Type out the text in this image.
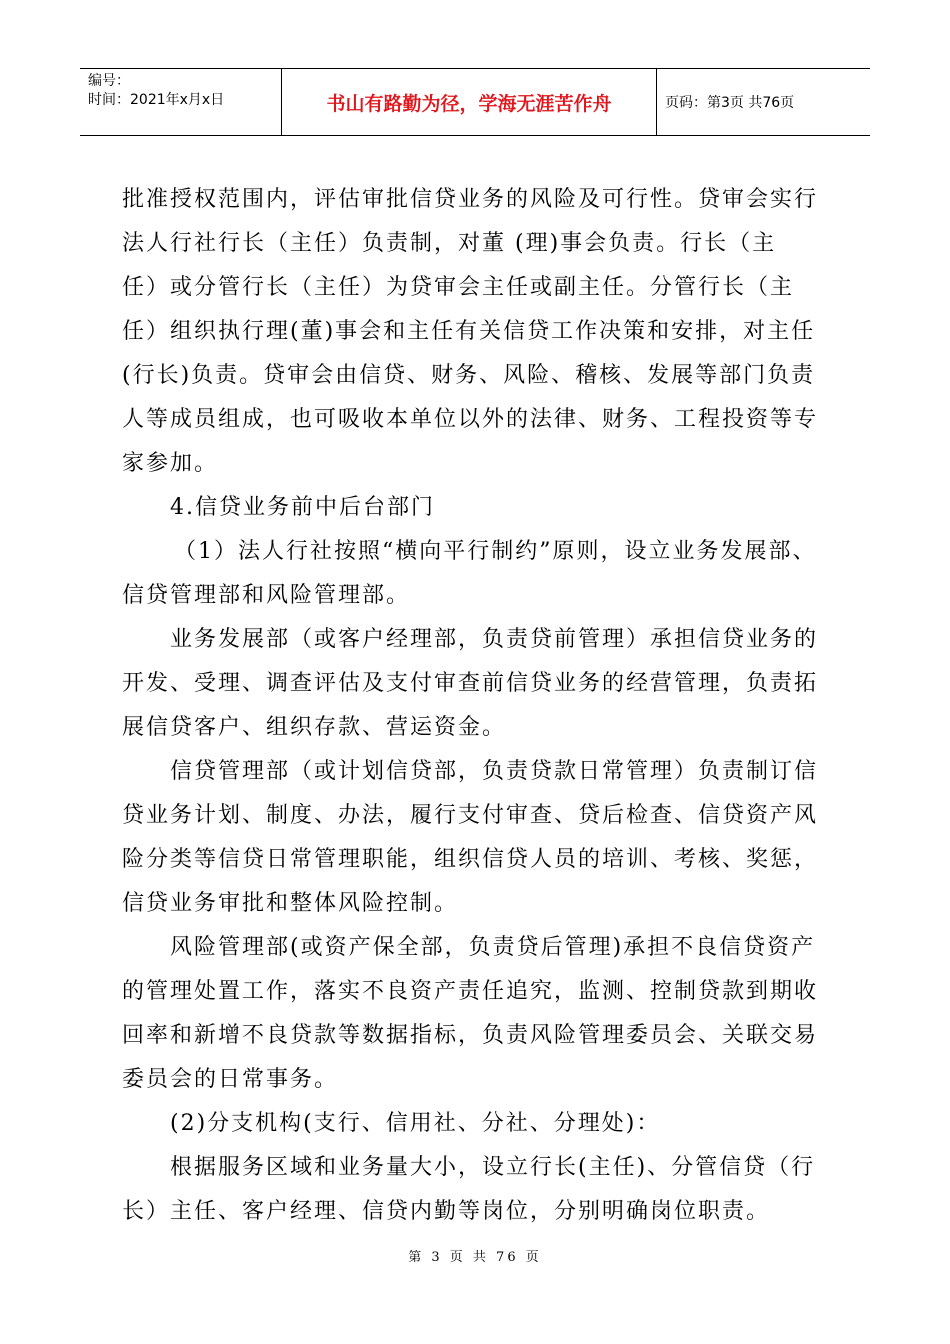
编号：
时间：2021年x月x日	书山有路勤为径，学海无涯苦作舟	页码：第3页 共76页
批准授权范围内，评估审批信贷业务的风险及可行性。贷审会实行
法人行社行长（主任）负责制，对董 (理)事会负责。行长（主
任）或分管行长（主任）为贷审会主任或副主任。分管行长（主
任）组织执行理(董)事会和主任有关信贷工作决策和安排，对主任
(行长)负责。贷审会由信贷、财务、风险、稽核、发展等部门负责
人等成员组成，也可吸收本单位以外的法律、财务、工程投资等专
家参加。
4.信贷业务前中后台部门
（1）法人行社按照“横向平行制约”原则，设立业务发展部、
信贷管理部和风险管理部。
业务发展部（或客户经理部，负责贷前管理）承担信贷业务的
开发、受理、调查评估及支付审查前信贷业务的经营管理，负责拓
展信贷客户、组织存款、营运资金。
信贷管理部（或计划信贷部，负责贷款日常管理）负责制订信
贷业务计划、制度、办法，履行支付审查、贷后检查、信贷资产风
险分类等信贷日常管理职能，组织信贷人员的培训、考核、奖惩，
信贷业务审批和整体风险控制。
风险管理部(或资产保全部，负责贷后管理)承担不良信贷资产
的管理处置工作，落实不良资产责任追究，监测、控制贷款到期收
回率和新增不良贷款等数据指标，负责风险管理委员会、关联交易
委员会的日常事务。
(2)分支机构(支行、信用社、分社、分理处)：
根据服务区域和业务量大小，设立行长(主任)、分管信贷（行
长）主任、客户经理、信贷内勤等岗位，分别明确岗位职责。
第 3 页 共 76 页
